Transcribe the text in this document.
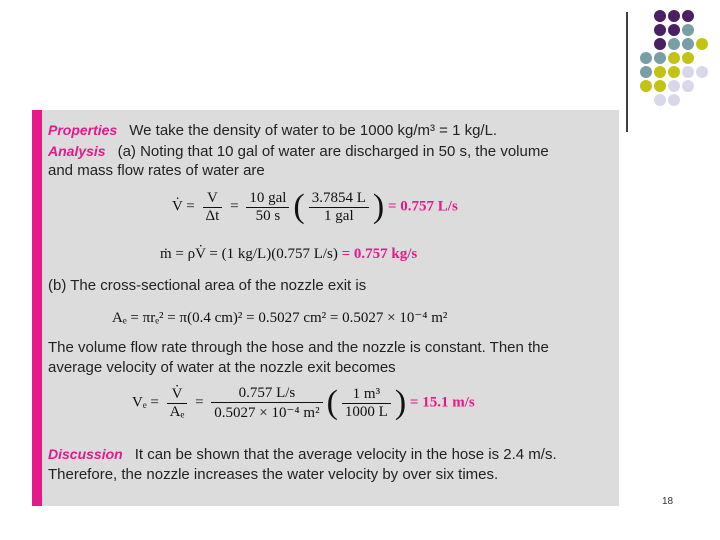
Properties We take the density of water to be 1000 kg/m³ = 1 kg/L.
Analysis (a) Noting that 10 gal of water are discharged in 50 s, the volume
and mass flow rates of water are
V̇ = $\frac{V}{\Delta t} = \frac{\text{10 gal}}{50 s}$ ( $\frac{3.7854 L}{\text{1 gal}}$ ) = 0.757 L/s
ṁ = ρV̇ = (1 kg/L)(0.757 L/s) = 0.757 kg/s
(b) The cross-sectional area of the nozzle exit is
Aₑ = πrₑ² = π(0.4 cm)² = 0.5027 cm² = 0.5027 × 10⁻⁴ m²
The volume flow rate through the hose and the nozzle is constant. Then the
average velocity of water at the nozzle exit becomes
$V_e = \frac{V̇}{\text{Aₑ}} = \frac{0.757 L/s}{\text{0.5027 × 10⁻⁴ m²}}$ ( $\frac{\text{1 m³}}{1000 L}$ ) = 15.1 m/s
Discussion It can be shown that the average velocity in the hose is 2.4 m/s.
Therefore, the nozzle increases the water velocity by over six times.
18
